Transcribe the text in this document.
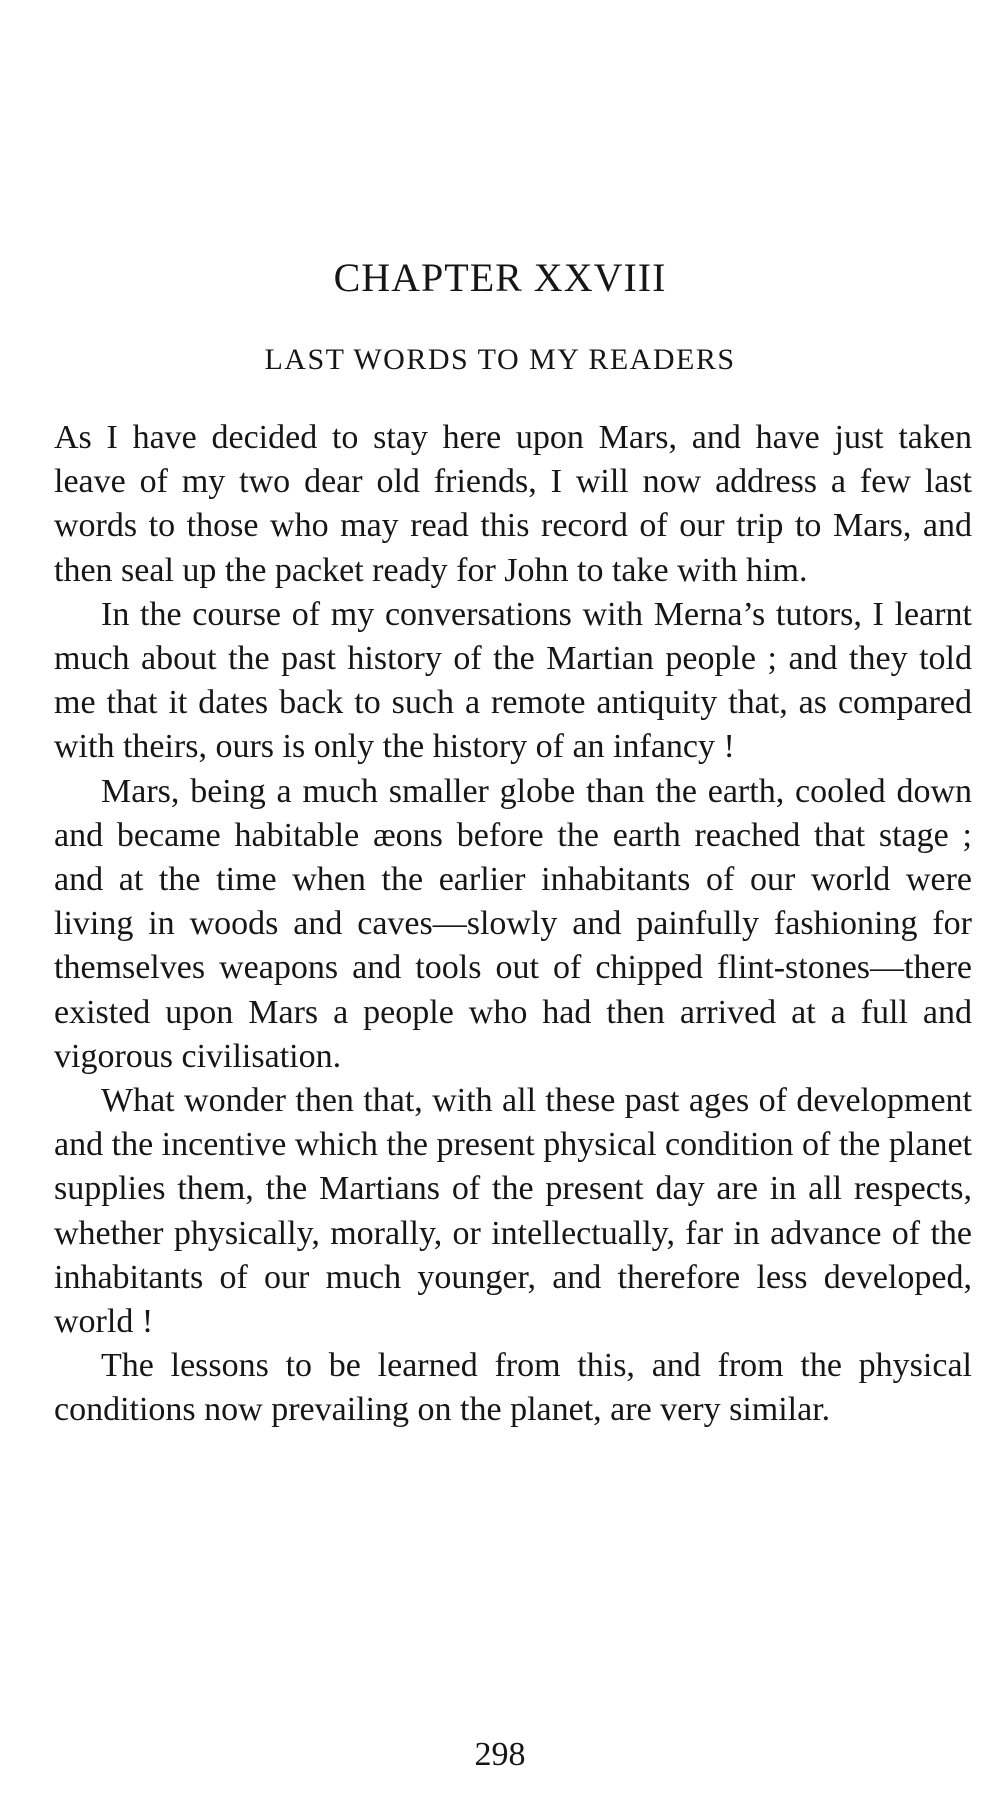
CHAPTER XXVIII
LAST WORDS TO MY READERS

As I have decided to stay here upon Mars, and have just taken leave of my two dear old friends, I will now address a few last words to those who may read this record of our trip to Mars, and then seal up the packet ready for John to take with him.

In the course of my conversations with Merna’s tutors, I learnt much about the past history of the Martian people ; and they told me that it dates back to such a remote antiquity that, as compared with theirs, ours is only the history of an infancy !

Mars, being a much smaller globe than the earth, cooled down and became habitable æons before the earth reached that stage ; and at the time when the earlier inhabitants of our world were living in woods and caves—slowly and painfully fashioning for themselves weapons and tools out of chipped flint-stones—there existed upon Mars a people who had then arrived at a full and vigorous civilisation.

What wonder then that, with all these past ages of development and the incentive which the present physical condition of the planet supplies them, the Martians of the present day are in all respects, whether physically, morally, or intellectually, far in advance of the inhabitants of our much younger, and therefore less developed, world !

The lessons to be learned from this, and from the physical conditions now prevailing on the planet, are very similar.

298
